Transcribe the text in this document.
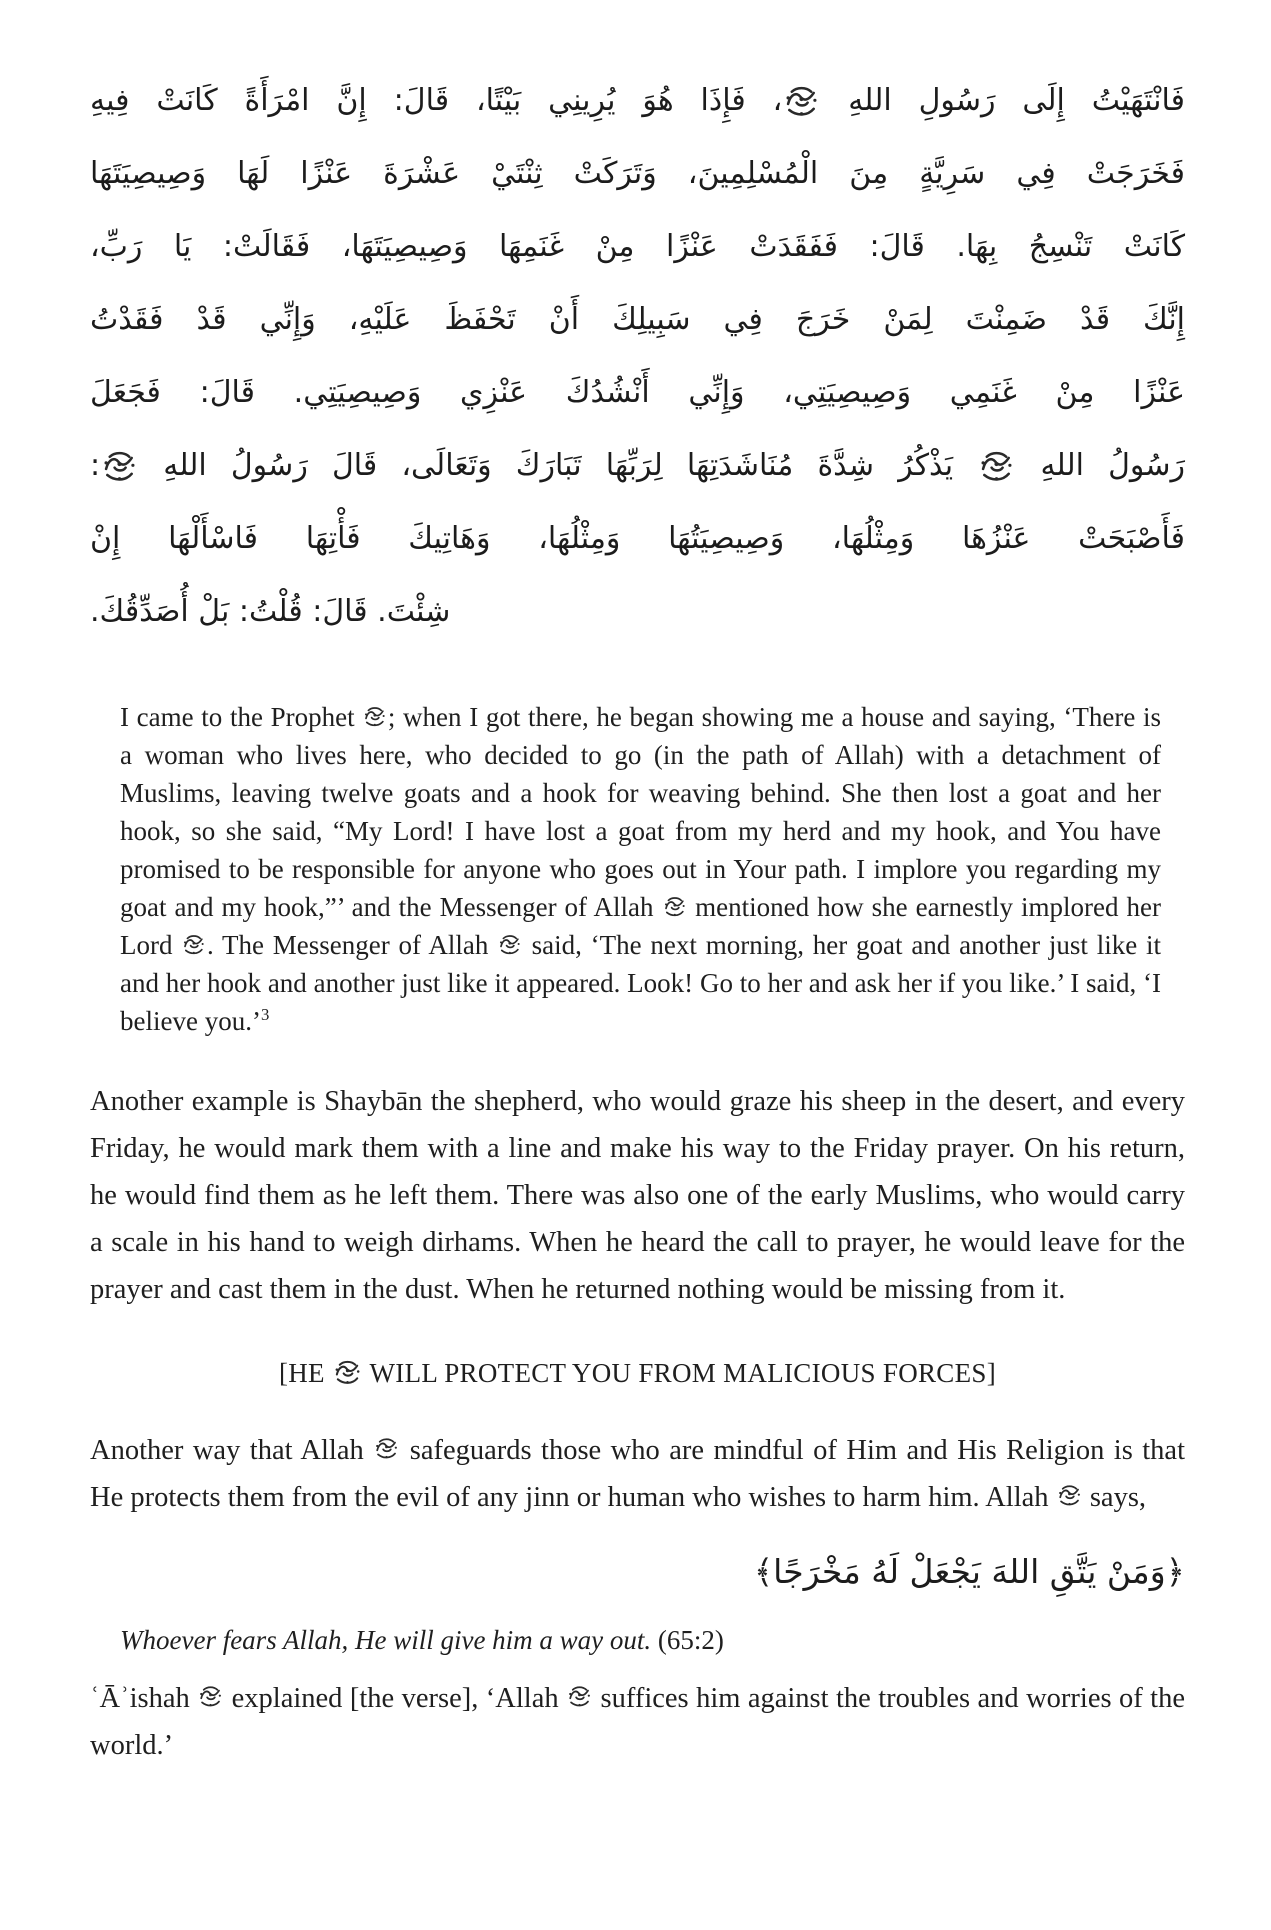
فَانْتَهَيْتُ إِلَى رَسُولِ اللهِ
، فَإِذَا هُوَ يُرِينِي بَيْتًا، قَالَ: إِنَّ امْرَأَةً كَانَتْ فِيهِ
فَخَرَجَتْ فِي سَرِيَّةٍ مِنَ الْمُسْلِمِينَ، وَتَرَكَتْ ثِنْتَيْ عَشْرَةَ عَنْزًا لَهَا وَصِيصِيَتَهَا
كَانَتْ تَنْسِجُ بِهَا. قَالَ: فَفَقَدَتْ عَنْزًا مِنْ غَنَمِهَا وَصِيصِيَتَهَا، فَقَالَتْ: يَا رَبِّ،
إِنَّكَ قَدْ ضَمِنْتَ لِمَنْ خَرَجَ فِي سَبِيلِكَ أَنْ تَحْفَظَ عَلَيْهِ، وَإِنِّي قَدْ فَقَدْتُ
عَنْزًا مِنْ غَنَمِي وَصِيصِيَتِي، وَإِنِّي أَنْشُدُكَ عَنْزِي وَصِيصِيَتِي. قَالَ: فَجَعَلَ
رَسُولُ اللهِ
يَذْكُرُ شِدَّةَ مُنَاشَدَتِهَا لِرَبِّهَا تَبَارَكَ وَتَعَالَى، قَالَ رَسُولُ اللهِ
:
فَأَصْبَحَتْ عَنْزُهَا وَمِثْلُهَا، وَصِيصِيَتُهَا وَمِثْلُهَا، وَهَاتِيكَ فَأْتِهَا فَاسْأَلْهَا إِنْ
شِئْتَ. قَالَ: قُلْتُ: بَلْ أُصَدِّقُكَ.
I came to the Prophet
; when I got there, he began showing me a house and saying, ‘There is a woman who lives here, who decided to go (in the path of Allah) with a detachment of Muslims, leaving twelve goats and a hook for weaving behind. She then lost a goat and her hook, so she said, “My Lord! I have lost a goat from my herd and my hook, and You have promised to be responsible for anyone who goes out in Your path. I implore you regarding my goat and my hook,”’ and the Messenger of Allah
mentioned how she earnestly implored her Lord
. The Messenger of Allah
said, ‘The next morning, her goat and another just like it and her hook and another just like it appeared. Look! Go to her and ask her if you like.’ I said, ‘I believe you.’$^3$

Another example is Shaybān the shepherd, who would graze his sheep in the desert, and every Friday, he would mark them with a line and make his way to the Friday prayer. On his return, he would find them as he left them. There was also one of the early Muslims, who would carry a scale in his hand to weigh dirhams. When he heard the call to prayer, he would leave for the prayer and cast them in the dust. When he returned nothing would be missing from it.

[HE
WILL PROTECT YOU FROM MALICIOUS FORCES]

Another way that Allah
safeguards those who are mindful of Him and His Religion is that He protects them from the evil of any jinn or human who wishes to harm him. Allah
says,

﴿وَمَنْ يَتَّقِ اللهَ يَجْعَلْ لَهُ مَخْرَجًا﴾

Whoever fears Allah, He will give him a way out. (65:2)

ʿĀʾishah
explained [the verse], ‘Allah
suffices him against the troubles and worries of the world.’
